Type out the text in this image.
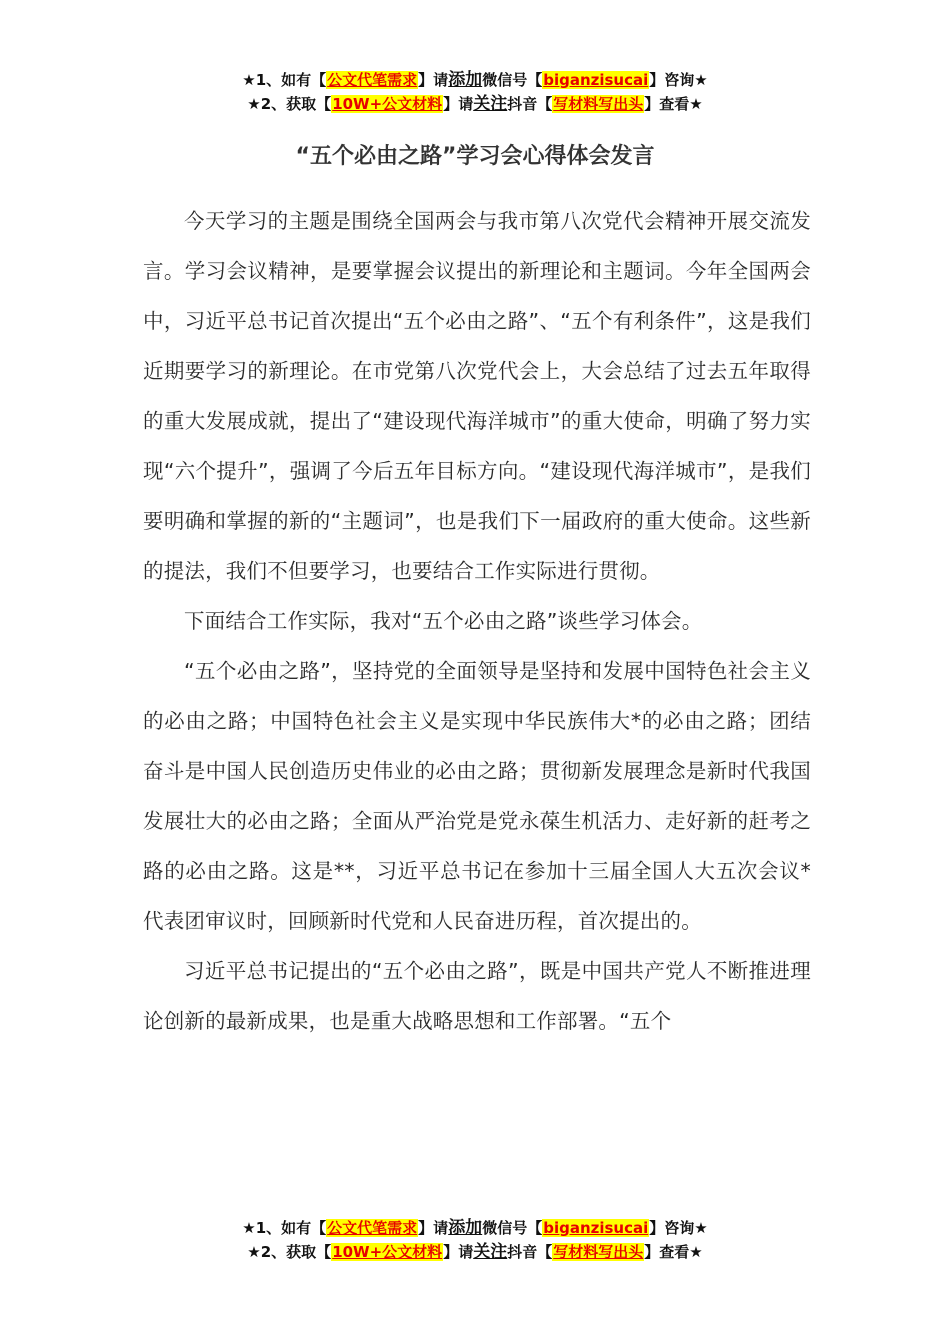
★1、如有【公文代笔需求】请添加微信号【biganzisucai】咨询★
★2、获取【10W+公文材料】请关注抖音【写材料写出头】查看★
“五个必由之路”学习会心得体会发言

今天学习的主题是围绕全国两会与我市第八次党代会精神开展交流发言。学习会议精神，是要掌握会议提出的新理论和主题词。今年全国两会中，习近平总书记首次提出“五个必由之路”、“五个有利条件”，这是我们近期要学习的新理论。在市党第八次党代会上，大会总结了过去五年取得的重大发展成就，提出了“建设现代海洋城市”的重大使命，明确了努力实现“六个提升”，强调了今后五年目标方向。“建设现代海洋城市”，是我们要明确和掌握的新的“主题词”，也是我们下一届政府的重大使命。这些新的提法，我们不但要学习，也要结合工作实际进行贯彻。

下面结合工作实际，我对“五个必由之路”谈些学习体会。

“五个必由之路”，坚持党的全面领导是坚持和发展中国特色社会主义的必由之路；中国特色社会主义是实现中华民族伟大*的必由之路；团结奋斗是中国人民创造历史伟业的必由之路；贯彻新发展理念是新时代我国发展壮大的必由之路；全面从严治党是党永葆生机活力、走好新的赶考之路的必由之路。这是**，习近平总书记在参加十三届全国人大五次会议*代表团审议时，回顾新时代党和人民奋进历程，首次提出的。

习近平总书记提出的“五个必由之路”，既是中国共产党人不断推进理论创新的最新成果，也是重大战略思想和工作部署。“五个

★1、如有【公文代笔需求】请添加微信号【biganzisucai】咨询★
★2、获取【10W+公文材料】请关注抖音【写材料写出头】查看★
